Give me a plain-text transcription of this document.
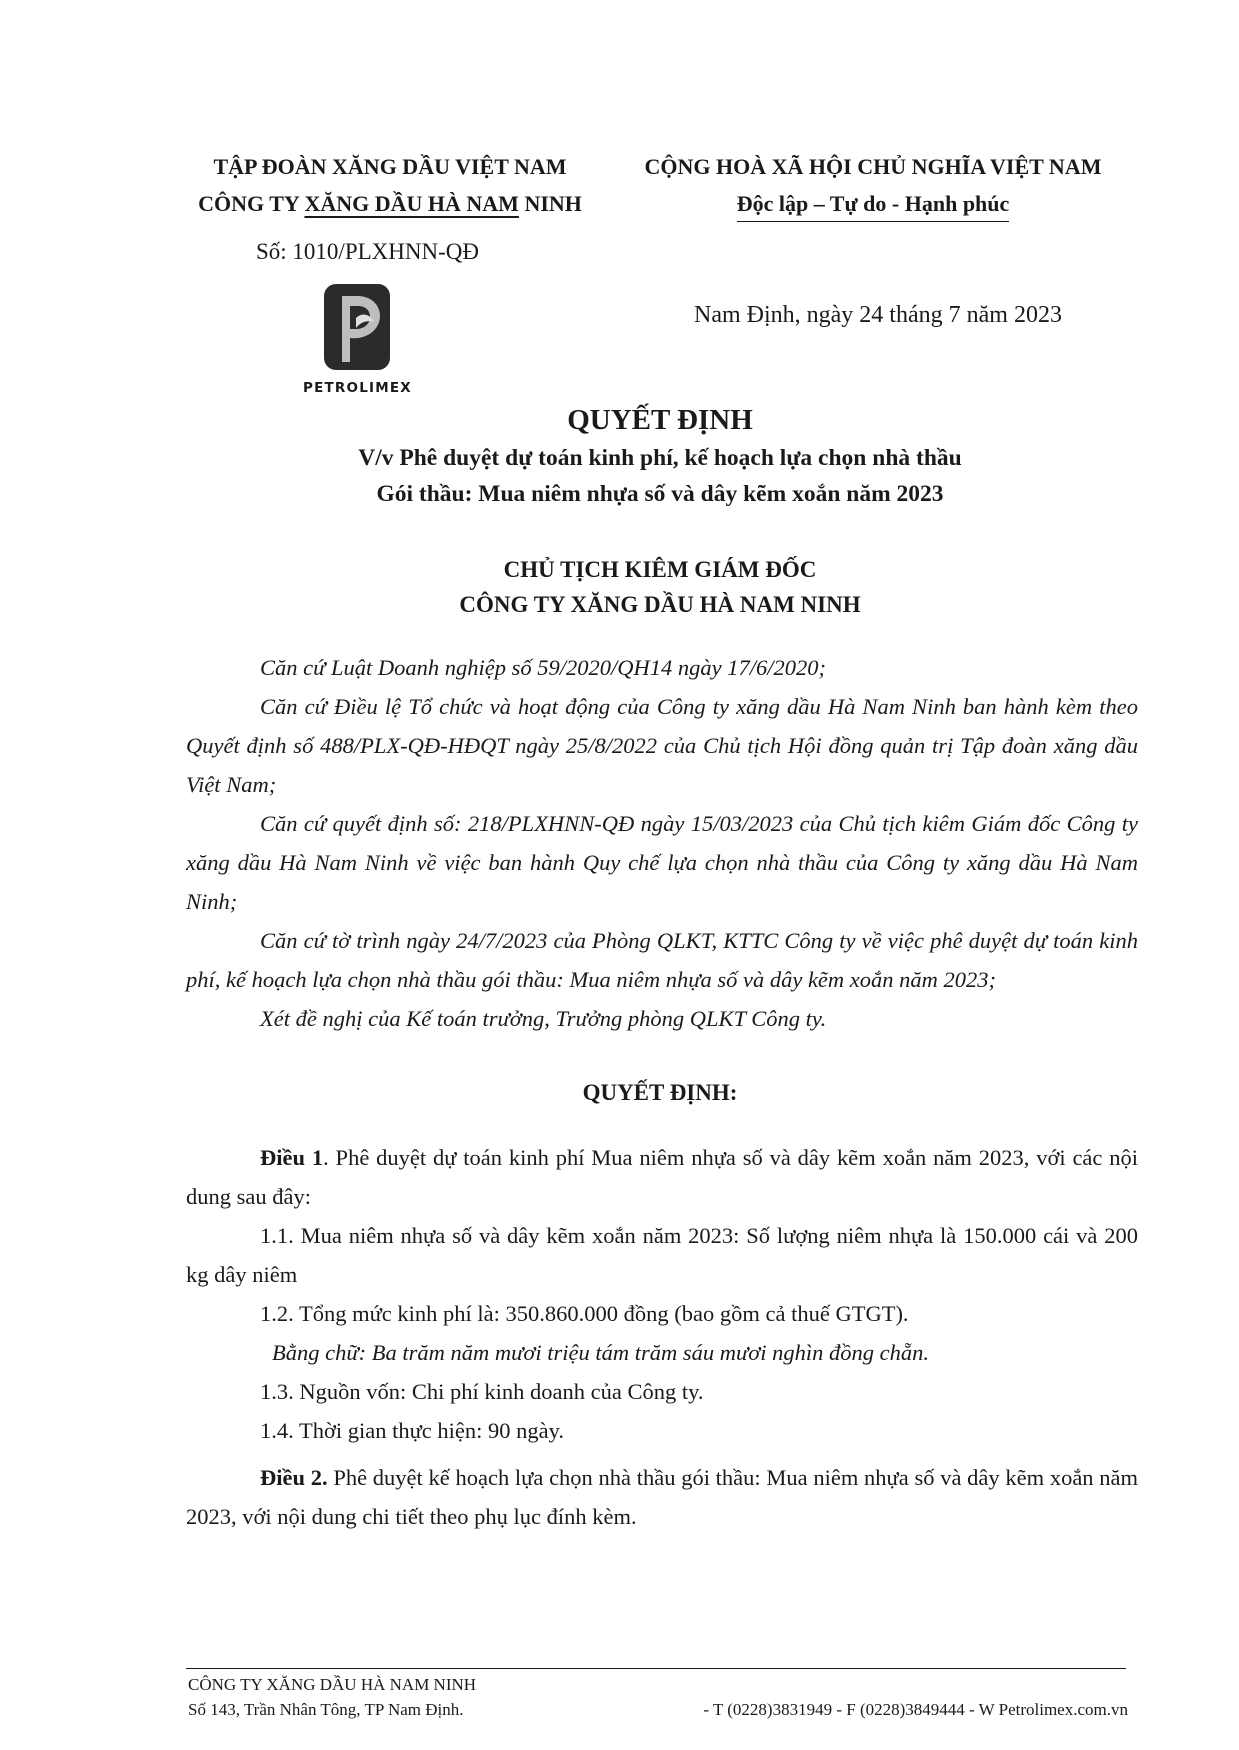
TẬP ĐOÀN XĂNG DẦU VIỆT NAM
CÔNG TY XĂNG DẦU HÀ NAM NINH
CỘNG HOÀ XÃ HỘI CHỦ NGHĨA VIỆT NAM
Độc lập – Tự do - Hạnh phúc
Số: 1010/PLXHNN-QĐ
PETROLIMEX
Nam Định, ngày 24 tháng 7 năm 2023
QUYẾT ĐỊNH
V/v Phê duyệt dự toán kinh phí, kế hoạch lựa chọn nhà thầu
Gói thầu: Mua niêm nhựa số và dây kẽm xoắn năm 2023
CHỦ TỊCH KIÊM GIÁM ĐỐC
CÔNG TY XĂNG DẦU HÀ NAM NINH

Căn cứ Luật Doanh nghiệp số 59/2020/QH14 ngày 17/6/2020;

Căn cứ Điều lệ Tổ chức và hoạt động của Công ty xăng dầu Hà Nam Ninh ban hành kèm theo Quyết định số 488/PLX-QĐ-HĐQT ngày 25/8/2022 của Chủ tịch Hội đồng quản trị Tập đoàn xăng dầu Việt Nam;

Căn cứ quyết định số: 218/PLXHNN-QĐ ngày 15/03/2023 của Chủ tịch kiêm Giám đốc Công ty xăng dầu Hà Nam Ninh về việc ban hành Quy chế lựa chọn nhà thầu của Công ty xăng dầu Hà Nam Ninh;

Căn cứ tờ trình ngày 24/7/2023 của Phòng QLKT, KTTC Công ty về việc phê duyệt dự toán kinh phí, kế hoạch lựa chọn nhà thầu gói thầu: Mua niêm nhựa số và dây kẽm xoắn năm 2023;

Xét đề nghị của Kế toán trưởng, Trưởng phòng QLKT Công ty.

QUYẾT ĐỊNH:

Điều 1. Phê duyệt dự toán kinh phí Mua niêm nhựa số và dây kẽm xoắn năm 2023, với các nội dung sau đây:

1.1. Mua niêm nhựa số và dây kẽm xoắn năm 2023: Số lượng niêm nhựa là 150.000 cái và 200 kg dây niêm

1.2. Tổng mức kinh phí là: 350.860.000 đồng (bao gồm cả thuế GTGT).

Bằng chữ: Ba trăm năm mươi triệu tám trăm sáu mươi nghìn đồng chẵn.

1.3. Nguồn vốn: Chi phí kinh doanh của Công ty.

1.4. Thời gian thực hiện: 90 ngày.

Điều 2. Phê duyệt kế hoạch lựa chọn nhà thầu gói thầu: Mua niêm nhựa số và dây kẽm xoắn năm 2023, với nội dung chi tiết theo phụ lục đính kèm.

CÔNG TY XĂNG DẦU HÀ NAM NINH
Số 143, Trần Nhân Tông, TP Nam Định.	- T (0228)3831949 - F (0228)3849444 - W Petrolimex.com.vn
